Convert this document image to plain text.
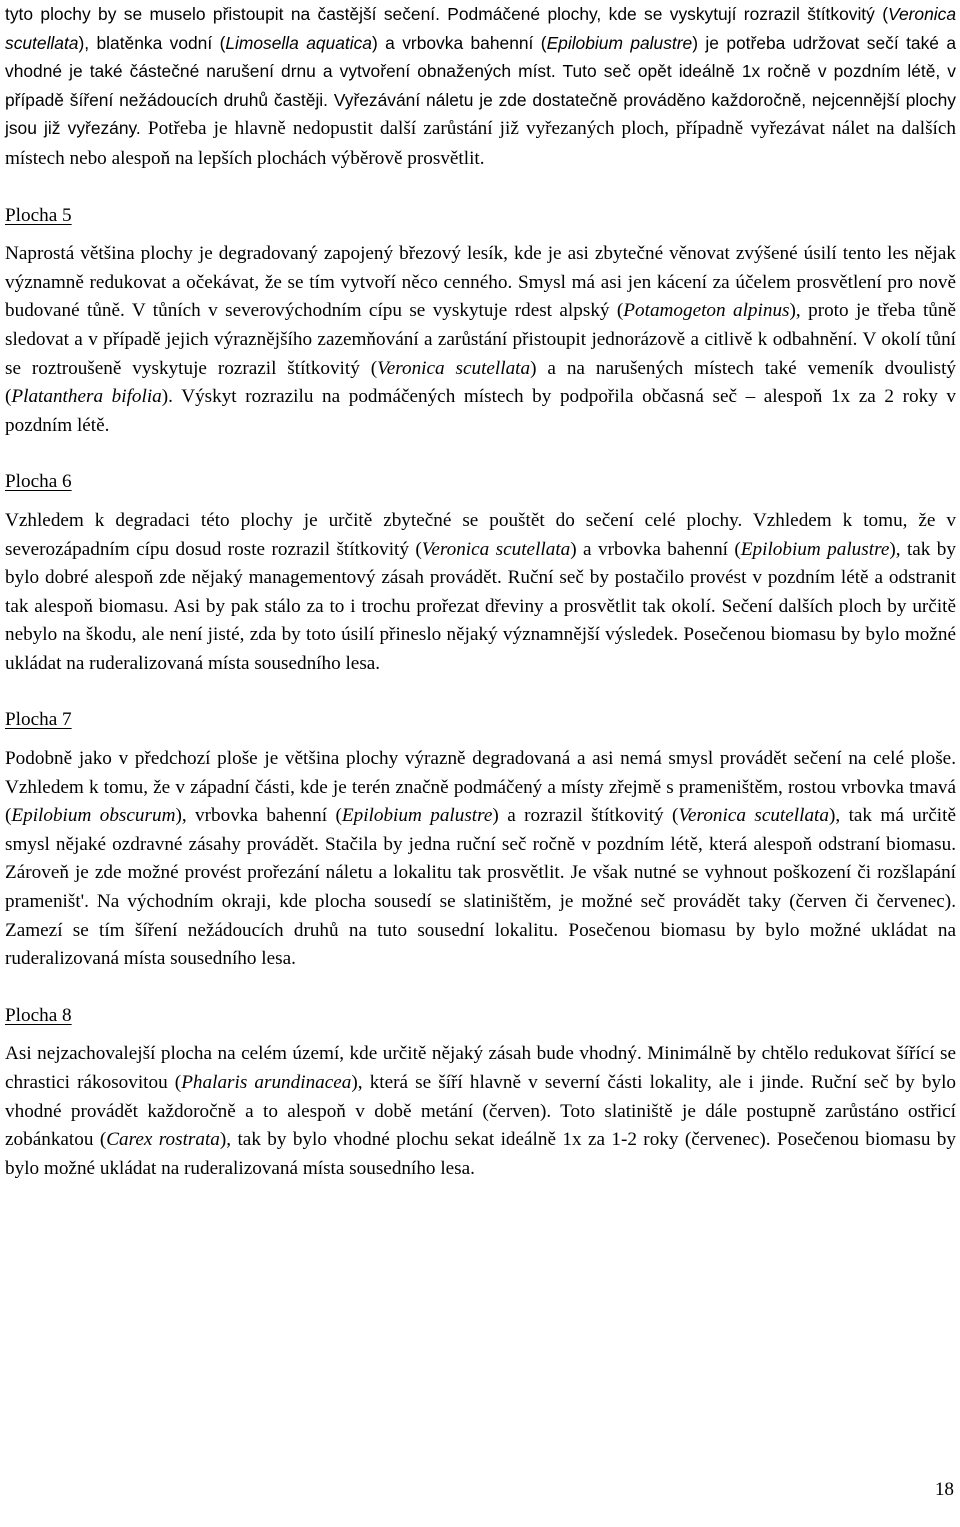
tyto plochy by se muselo přistoupit na častější sečení. Podmáčené plochy, kde se vyskytují rozrazil štítkovitý (Veronica scutellata), blatěnka vodní (Limosella aquatica) a vrbovka bahenní (Epilobium palustre) je potřeba udržovat sečí také a vhodné je také částečné narušení drnu a vytvoření obnažených míst. Tuto seč opět ideálně 1x ročně v pozdním létě, v případě šíření nežádoucích druhů častěji. Vyřezávání náletu je zde dostatečně prováděno každoročně, nejcennější plochy jsou již vyřezány. Potřeba je hlavně nedopustit další zarůstání již vyřezaných ploch, případně vyřezávat nálet na dalších místech nebo alespoň na lepších plochách výběrově prosvětlit.

Plocha 5

Naprostá většina plochy je degradovaný zapojený březový lesík, kde je asi zbytečné věnovat zvýšené úsilí tento les nějak významně redukovat a očekávat, že se tím vytvoří něco cenného. Smysl má asi jen kácení za účelem prosvětlení pro nově budované tůně. V tůních v severovýchodním cípu se vyskytuje rdest alpský (Potamogeton alpinus), proto je třeba tůně sledovat a v případě jejich výraznějšího zazemňování a zarůstání přistoupit jednorázově a citlivě k odbahnění. V okolí tůní se roztroušeně vyskytuje rozrazil štítkovitý (Veronica scutellata) a na narušených místech také vemeník dvoulistý (Platanthera bifolia). Výskyt rozrazilu na podmáčených místech by podpořila občasná seč – alespoň 1x za 2 roky v pozdním létě.

Plocha 6

Vzhledem k degradaci této plochy je určitě zbytečné se pouštět do sečení celé plochy. Vzhledem k tomu, že v severozápadním cípu dosud roste rozrazil štítkovitý (Veronica scutellata) a vrbovka bahenní (Epilobium palustre), tak by bylo dobré alespoň zde nějaký managementový zásah provádět. Ruční seč by postačilo provést v pozdním létě a odstranit tak alespoň biomasu. Asi by pak stálo za to i trochu prořezat dřeviny a prosvětlit tak okolí. Sečení dalších ploch by určitě nebylo na škodu, ale není jisté, zda by toto úsilí přineslo nějaký významnější výsledek. Posečenou biomasu by bylo možné ukládat na ruderalizovaná místa sousedního lesa.

Plocha 7

Podobně jako v předchozí ploše je většina plochy výrazně degradovaná a asi nemá smysl provádět sečení na celé ploše. Vzhledem k tomu, že v západní části, kde je terén značně podmáčený a místy zřejmě s prameništěm, rostou vrbovka tmavá (Epilobium obscurum), vrbovka bahenní (Epilobium palustre) a rozrazil štítkovitý (Veronica scutellata), tak má určitě smysl nějaké ozdravné zásahy provádět. Stačila by jedna ruční seč ročně v pozdním létě, která alespoň odstraní biomasu. Zároveň je zde možné provést prořezání náletu a lokalitu tak prosvětlit. Je však nutné se vyhnout poškození či rozšlapání prameništ'. Na východním okraji, kde plocha sousedí se slatiništěm, je možné seč provádět taky (červen či červenec). Zamezí se tím šíření nežádoucích druhů na tuto sousední lokalitu. Posečenou biomasu by bylo možné ukládat na ruderalizovaná místa sousedního lesa.

Plocha 8

Asi nejzachovalejší plocha na celém území, kde určitě nějaký zásah bude vhodný. Minimálně by chtělo redukovat šířící se chrastici rákosovitou (Phalaris arundinacea), která se šíří hlavně v severní části lokality, ale i jinde. Ruční seč by bylo vhodné provádět každoročně a to alespoň v době metání (červen). Toto slatiniště je dále postupně zarůstáno ostřicí zobánkatou (Carex rostrata), tak by bylo vhodné plochu sekat ideálně 1x za 1-2 roky (červenec). Posečenou biomasu by bylo možné ukládat na ruderalizovaná místa sousedního lesa.

18
